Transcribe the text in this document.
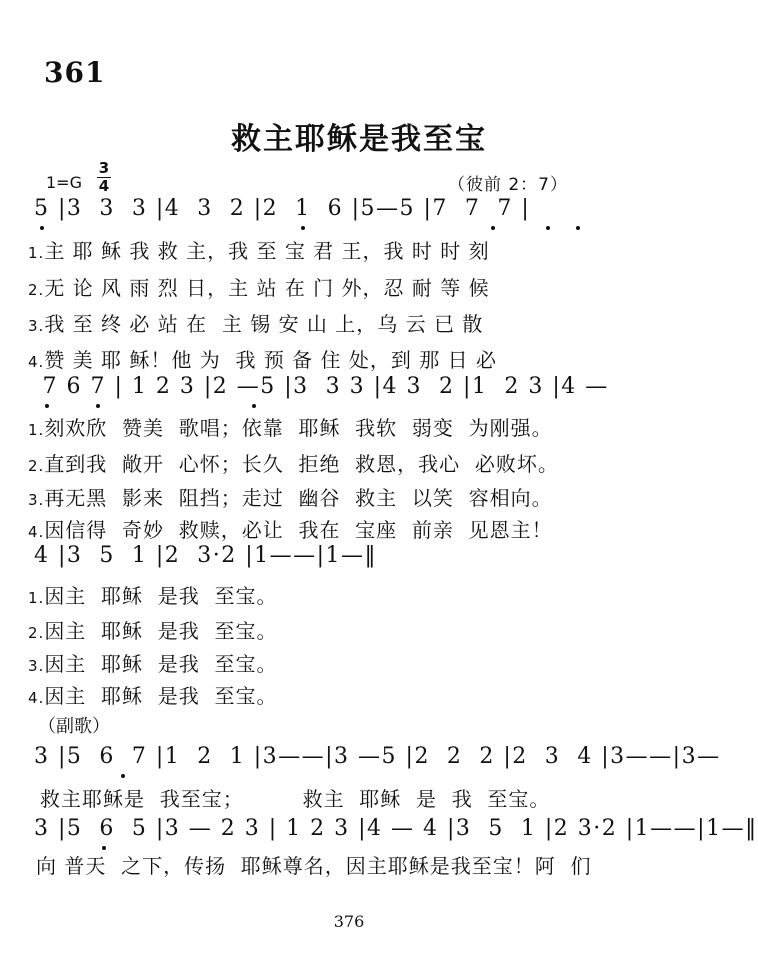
361
救主耶稣是我至宝
1=G
3
4	（彼前 2：7）
5 |3  3  3 |4  3  2 |2  1  6 |5—5 |7  7  7 |
1.主 耶 稣 我 救 主，我 至 宝 君 王，我 时 时 刻
2.无 论 风 雨 烈 日，主 站 在 门 外，忍 耐 等 候
3.我 至 终 必 站 在  主 锡 安 山 上，乌 云 已 散
4.赞 美 耶 稣！他 为  我 预 备 住 处，到 那 日 必
7 6 7 | 1 2 3 |2 —5 |3  3 3 |4 3  2 |1  2 3 |4 —
1.刻欢欣  赞美  歌唱；依靠  耶稣  我软  弱变  为刚强。
2.直到我  敞开  心怀；长久  拒绝  救恩，我心  必败坏。
3.再无黑  影来  阻挡；走过  幽谷  救主  以笑  容相向。
4.因信得  奇妙  救赎，必让  我在  宝座  前亲  见恩主！
4 |3  5  1 |2  3·2 |1——|1—‖
1.因主  耶稣  是我  至宝。
2.因主  耶稣  是我  至宝。
3.因主  耶稣  是我  至宝。
4.因主  耶稣  是我  至宝。
（副歌）
3 |5  6  7 |1  2  1 |3——|3 —5 |2  2  2 |2  3  4 |3——|3—
救主耶稣是  我至宝；        救主  耶稣  是  我  至宝。
3 |5  6  5 |3 — 2 3 | 1 2 3 |4 — 4 |3  5  1 |2 3·2 |1——|1—‖
向 普天  之下，传扬  耶稣尊名，因主耶稣是我至宝！阿  们
376
